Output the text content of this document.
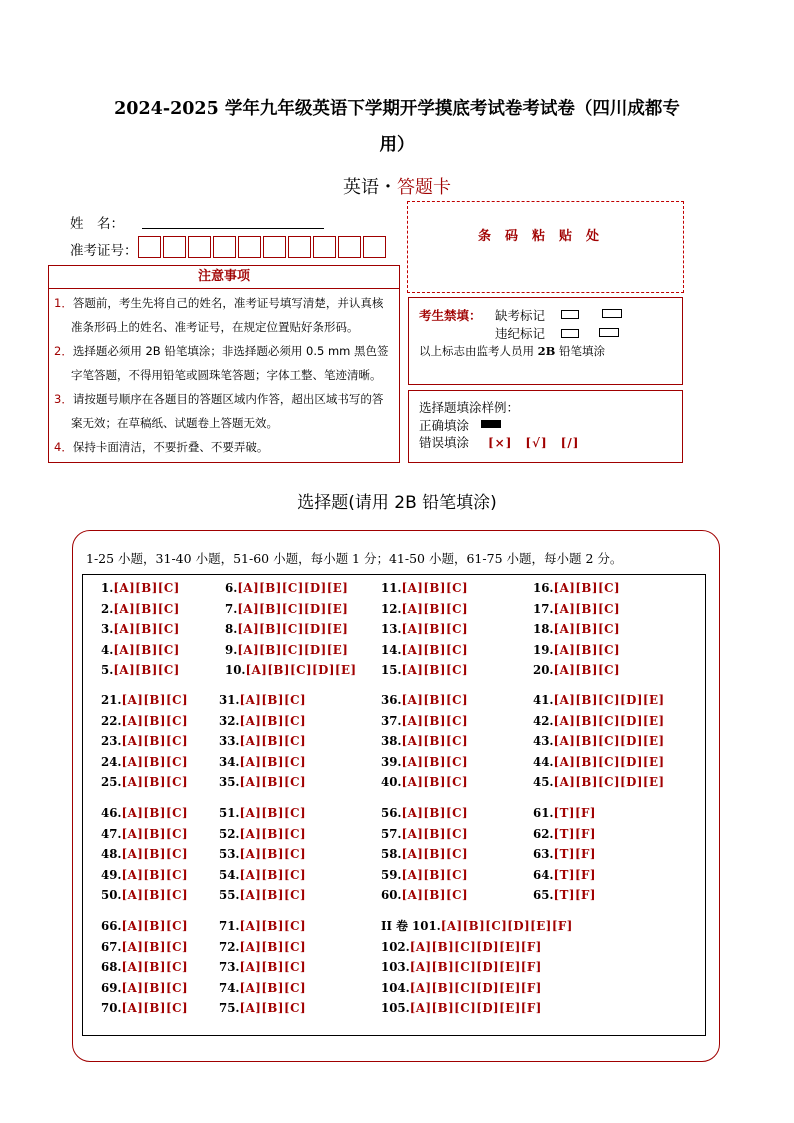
2024-2025 学年九年级英语下学期开学摸底考试卷考试卷（四川成都专
用）
英语・答题卡
姓　名：
准考证号：
注意事项
1．答题前，考生先将自己的姓名，准考证号填写清楚，并认真核
准条形码上的姓名、准考证号，在规定位置贴好条形码。
2．选择题必须用 2B 铅笔填涂；非选择题必须用 0.5 mm 黑色签
字笔答题，不得用铅笔或圆珠笔答题；字体工整、笔迹清晰。
3．请按题号顺序在各题目的答题区域内作答，超出区域书写的答
案无效；在草稿纸、试题卷上答题无效。
4．保持卡面清洁，不要折叠、不要弄破。
条码粘贴处
考生禁填： 缺考标记
违纪标记
以上标志由监考人员用 2B 铅笔填涂
选择题填涂样例：
正确填涂
错误填涂 [×]　[√]　[/]
选择题(请用 2B 铅笔填涂)
1-25 小题，31-40 小题，51-60 小题，每小题 1 分；41-50 小题，61-75 小题，每小题 2 分。
1.[A][B][C]
2.[A][B][C]
3.[A][B][C]
4.[A][B][C]
5.[A][B][C]
6.[A][B][C][D][E]
7.[A][B][C][D][E]
8.[A][B][C][D][E]
9.[A][B][C][D][E]
10.[A][B][C][D][E]
11.[A][B][C]
12.[A][B][C]
13.[A][B][C]
14.[A][B][C]
15.[A][B][C]
16.[A][B][C]
17.[A][B][C]
18.[A][B][C]
19.[A][B][C]
20.[A][B][C]
21.[A][B][C]
22.[A][B][C]
23.[A][B][C]
24.[A][B][C]
25.[A][B][C]
31.[A][B][C]
32.[A][B][C]
33.[A][B][C]
34.[A][B][C]
35.[A][B][C]
36.[A][B][C]
37.[A][B][C]
38.[A][B][C]
39.[A][B][C]
40.[A][B][C]
41.[A][B][C][D][E]
42.[A][B][C][D][E]
43.[A][B][C][D][E]
44.[A][B][C][D][E]
45.[A][B][C][D][E]
46.[A][B][C]
47.[A][B][C]
48.[A][B][C]
49.[A][B][C]
50.[A][B][C]
51.[A][B][C]
52.[A][B][C]
53.[A][B][C]
54.[A][B][C]
55.[A][B][C]
56.[A][B][C]
57.[A][B][C]
58.[A][B][C]
59.[A][B][C]
60.[A][B][C]
61.[T][F]
62.[T][F]
63.[T][F]
64.[T][F]
65.[T][F]
66.[A][B][C]
67.[A][B][C]
68.[A][B][C]
69.[A][B][C]
70.[A][B][C]
71.[A][B][C]
72.[A][B][C]
73.[A][B][C]
74.[A][B][C]
75.[A][B][C]
II 卷 101.[A][B][C][D][E][F]
102.[A][B][C][D][E][F]
103.[A][B][C][D][E][F]
104.[A][B][C][D][E][F]
105.[A][B][C][D][E][F]
